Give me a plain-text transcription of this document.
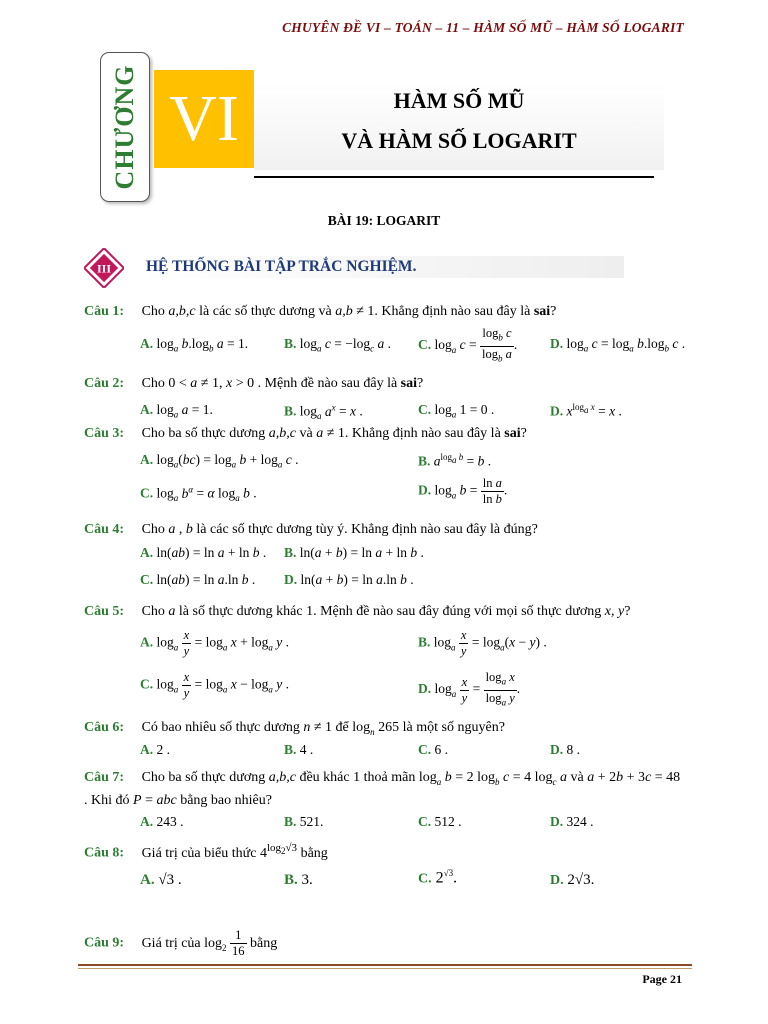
CHUYÊN ĐỀ VI – TOÁN – 11 – HÀM SỐ MŨ – HÀM SỐ LOGARIT
CHƯƠNG VI	HÀM SỐ MŨ
VÀ HÀM SỐ LOGARIT
BÀI 19: LOGARIT
III HỆ THỐNG BÀI TẬP TRẮC NGHIỆM.
Câu 1: Cho a,b,c là các số thực dương và a,b ≠ 1. Khẳng định nào sau đây là sai?
A. $\log_a b.\log_b$ a = 1.	B. $\log_a c = -\log_c$ a . C. $\log_a c = \frac{\log_b c}{\log_b a}$ . D. $\log_a c = \log_a b.\log_b$ c .
Câu 2: Cho 0 < a ≠ 1, x > 0 . Mệnh đề nào sau đây là sai?
A. $\log_a a = 1$.	B. $\log_a a^x = x$ .	C. $\log_a 1 = 0$ .	D. $x^{log_a x} = x$ .
Câu 3: Cho ba số thực dương a,b,c và a ≠ 1. Khẳng định nào sau đây là sai?
A. $\log_a(bc) = \log_a b + \log_a c$ .	B. $a^{log_a b} = b$ .
C. $\log_a b^\alpha = \alpha$ $\log_a b$ .	D. $\log_a b = \frac{\text{ln a}}{\text{ln b}}$ .
Câu 4: Cho a , b là các số thực dương tùy ý. Khẳng định nào sau đây là đúng?
A. ln(ab) = ln a + ln b . B. ln(a + b) = ln a + ln b .
C. ln(ab) = ln a.ln b . D. ln(a + b) = ln a.ln b .
Câu 5: Cho a là số thực dương khác 1. Mệnh đề nào sau đây đúng với mọi số thực dương x, y?
A. $\log_a \frac{x}{y} = \log_a x + \log_a y$ .	B. $\log_a \frac{x}{y} = \log_a(x - y)$ .
C. $\log_a \frac{x}{y} = \log_a x - \log_a y$ .	D. $\log_a \frac{x}{y} = \frac{\log_a x}{\log_a y}$ .
Câu 6: Có bao nhiêu số thực dương n ≠ 1 để $\log_n 265$ là một số nguyên?
A. 2 .	B. 4 .	C. 6 .	D. 8 .
Câu 7: Cho ba số thực dương a,b,c đều khác 1 thoả mãn $\log_a b = 2$ $\log_b c = 4$ $\log_c a$ và a + 2b + 3c = 48
. Khi đó P = abc bằng bao nhiêu?
A. 243 .	B. 521.	C. 512 .	D. 324 .
Câu 8: Giá trị của biểu thức $4^{log_2√3}$ bằng
A. √3 .	B. 3.	C. $2^{√3}$.	D. 2√3.
Câu 9: Giá trị của $\log_2 \frac{1}{16}$ bằng
Page 21
